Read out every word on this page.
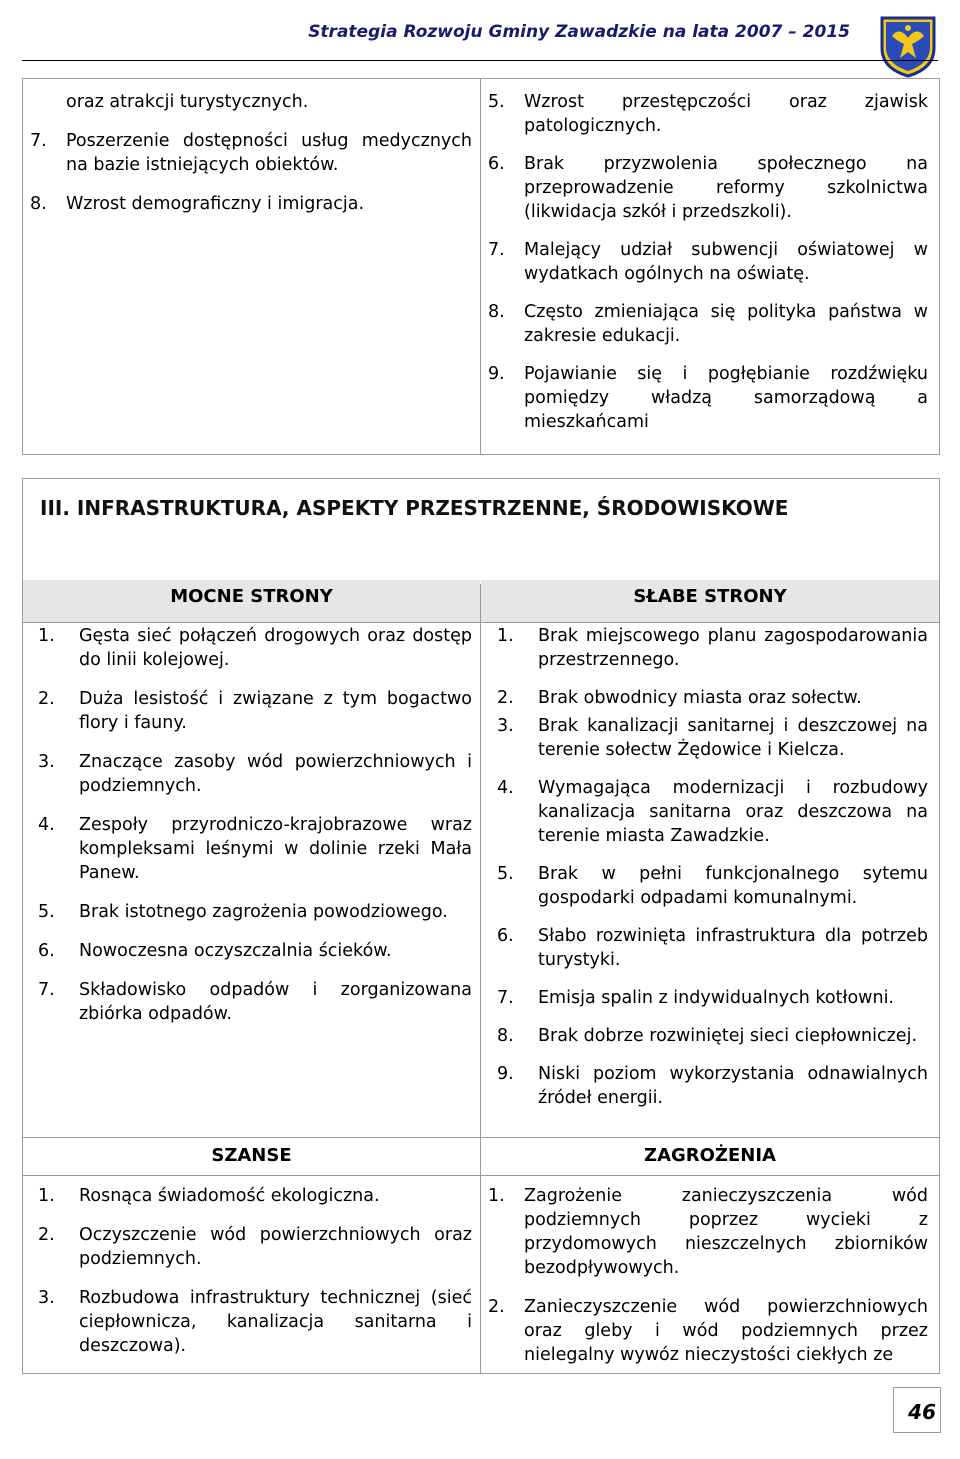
Strategia Rozwoju Gminy Zawadzkie na lata 2007 – 2015
oraz atrakcji turystycznych.
7. Poszerzenie dostępności usług medycznych na bazie istniejących obiektów.
8. Wzrost demograficzny i imigracja.
5. Wzrost przestępczości oraz zjawisk patologicznych.
6. Brak przyzwolenia społecznego na przeprowadzenie reformy szkolnictwa (likwidacja szkół i przedszkoli).
7. Malejący udział subwencji oświatowej w wydatkach ogólnych na oświatę.
8. Często zmieniająca się polityka państwa w zakresie edukacji.
9. Pojawianie się i pogłębianie rozdźwięku pomiędzy władzą samorządową a mieszkańcami
III. INFRASTRUKTURA, ASPEKTY PRZESTRZENNE, ŚRODOWISKOWE
MOCNE STRONY	SŁABE STRONY
1. Gęsta sieć połączeń drogowych oraz dostęp do linii kolejowej.
2. Duża lesistość i związane z tym bogactwo flory i fauny.
3. Znaczące zasoby wód powierzchniowych i podziemnych.
4. Zespoły przyrodniczo-krajobrazowe wraz kompleksami leśnymi w dolinie rzeki Mała Panew.
5. Brak istotnego zagrożenia powodziowego.
6. Nowoczesna oczyszczalnia ścieków.
7. Składowisko odpadów i zorganizowana zbiórka odpadów.
1. Brak miejscowego planu zagospodarowania przestrzennego.
2. Brak obwodnicy miasta oraz sołectw.
3. Brak kanalizacji sanitarnej i deszczowej na terenie sołectw Żędowice i Kielcza.
4. Wymagająca modernizacji i rozbudowy kanalizacja sanitarna oraz deszczowa na terenie miasta Zawadzkie.
5. Brak w pełni funkcjonalnego sytemu gospodarki odpadami komunalnymi.
6. Słabo rozwinięta infrastruktura dla potrzeb turystyki.
7. Emisja spalin z indywidualnych kotłowni.
8. Brak dobrze rozwiniętej sieci ciepłowniczej.
9. Niski poziom wykorzystania odnawialnych źródeł energii.
SZANSE	ZAGROŻENIA
1. Rosnąca świadomość ekologiczna.
2. Oczyszczenie wód powierzchniowych oraz podziemnych.
3. Rozbudowa infrastruktury technicznej (sieć ciepłownicza, kanalizacja sanitarna i deszczowa).
1. Zagrożenie zanieczyszczenia wód podziemnych poprzez wycieki z przydomowych nieszczelnych zbiorników bezodpływowych.
2. Zanieczyszczenie wód powierzchniowych oraz gleby i wód podziemnych przez nielegalny wywóz nieczystości ciekłych ze
46
